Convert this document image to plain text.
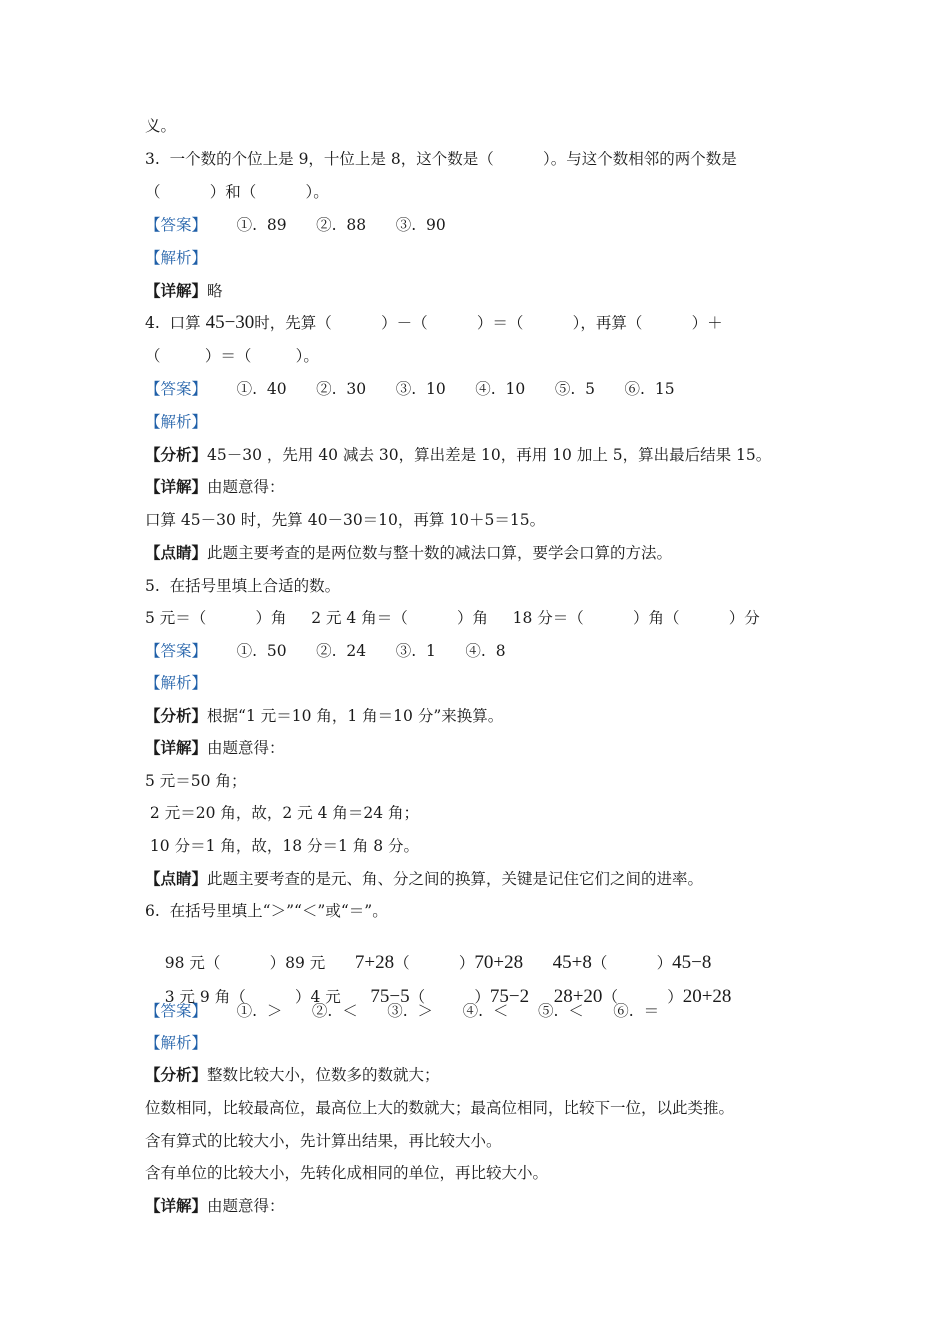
义。
3.  一个数的个位上是 9，十位上是 8，这个数是（          ）。与这个数相邻的两个数是
（          ）和（          ）。
【答案】      ①.  89      ②.  88      ③.  90
【解析】
【详解】略
4.  口算 45−30时，先算（          ）－（          ）＝（          ），再算（          ）＋
（         ）＝（         ）。
【答案】      ①.  40      ②.  30      ③.  10      ④.  10      ⑤.  5      ⑥.  15
【解析】
【分析】45－30 ，先用 40 减去 30，算出差是 10，再用 10 加上 5，算出最后结果 15。
【详解】由题意得：
口算 45－30 时，先算 40－30＝10，再算 10＋5＝15。
【点睛】此题主要考查的是两位数与整十数的减法口算，要学会口算的方法。
5.  在括号里填上合适的数。
5 元＝（          ）角     2 元 4 角＝（          ）角     18 分＝（          ）角（          ）分
【答案】      ①.  50      ②.  24      ③.  1      ④.  8
【解析】
【分析】根据“1 元＝10 角，1 角＝10 分”来换算。
【详解】由题意得：
5 元＝50 角；
2 元＝20 角，故，2 元 4 角＝24 角；
10 分＝1 角，故，18 分＝1 角 8 分。
【点睛】此题主要考查的是元、角、分之间的换算，关键是记住它们之间的进率。
6.  在括号里填上“＞”“＜”或“＝”。

98 元（          ）89 元 7+28（          ）70+28 45+8（          ）45−8

3 元 9 角（          ）4 元 75−5（          ）75−2 28+20（          ）20+28

【答案】      ①.  ＞      ②.  ＜      ③.  ＞      ④.  ＜      ⑤.  ＜      ⑥.  ＝
【解析】
【分析】整数比较大小，位数多的数就大；
位数相同，比较最高位，最高位上大的数就大；最高位相同，比较下一位，以此类推。
含有算式的比较大小，先计算出结果，再比较大小。
含有单位的比较大小，先转化成相同的单位，再比较大小。
【详解】由题意得：
